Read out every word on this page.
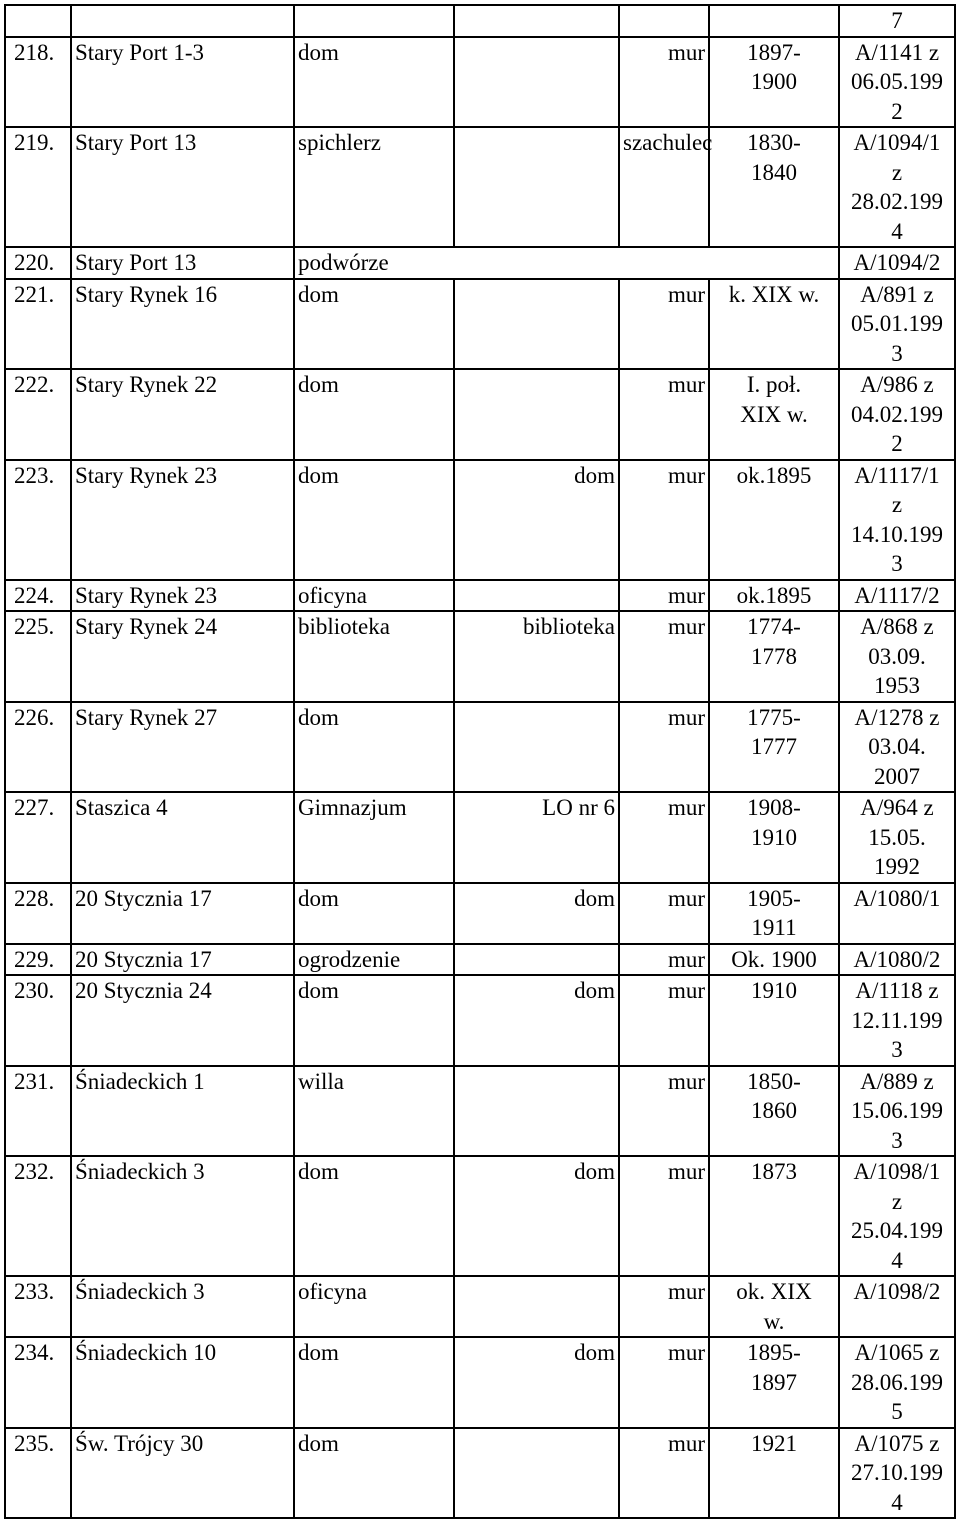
						7
218.	Stary Port 1-3	dom		mur	1897-
1900	A/1141 z
06.05.199
2
219.	Stary Port 13	spichlerz		szachulec	1830-
1840	A/1094/1
z
28.02.199
4
220.	Stary Port 13	podwórze				A/1094/2
221.	Stary Rynek 16	dom		mur	k. XIX w.	A/891 z
05.01.199
3
222.	Stary Rynek 22	dom		mur	I. poł.
XIX w.	A/986 z
04.02.199
2
223.	Stary Rynek 23	dom	dom	mur	ok.1895	A/1117/1
z
14.10.199
3
224.	Stary Rynek 23	oficyna		mur	ok.1895	A/1117/2
225.	Stary Rynek 24	biblioteka	biblioteka	mur	1774-
1778	A/868 z
03.09.
1953
226.	Stary Rynek 27	dom		mur	1775-
1777	A/1278 z
03.04.
2007
227.	Staszica 4	Gimnazjum	LO nr 6	mur	1908-
1910	A/964 z
15.05.
1992
228.	20 Stycznia 17	dom	dom	mur	1905-
1911	A/1080/1
229.	20 Stycznia 17	ogrodzenie		mur	Ok. 1900	A/1080/2
230.	20 Stycznia 24	dom	dom	mur	1910	A/1118 z
12.11.199
3
231.	Śniadeckich 1	willa		mur	1850-
1860	A/889 z
15.06.199
3
232.	Śniadeckich 3	dom	dom	mur	1873	A/1098/1
z
25.04.199
4
233.	Śniadeckich 3	oficyna		mur	ok. XIX
w.	A/1098/2
234.	Śniadeckich 10	dom	dom	mur	1895-
1897	A/1065 z
28.06.199
5
235.	Św. Trójcy 30	dom		mur	1921	A/1075 z
27.10.199
4
